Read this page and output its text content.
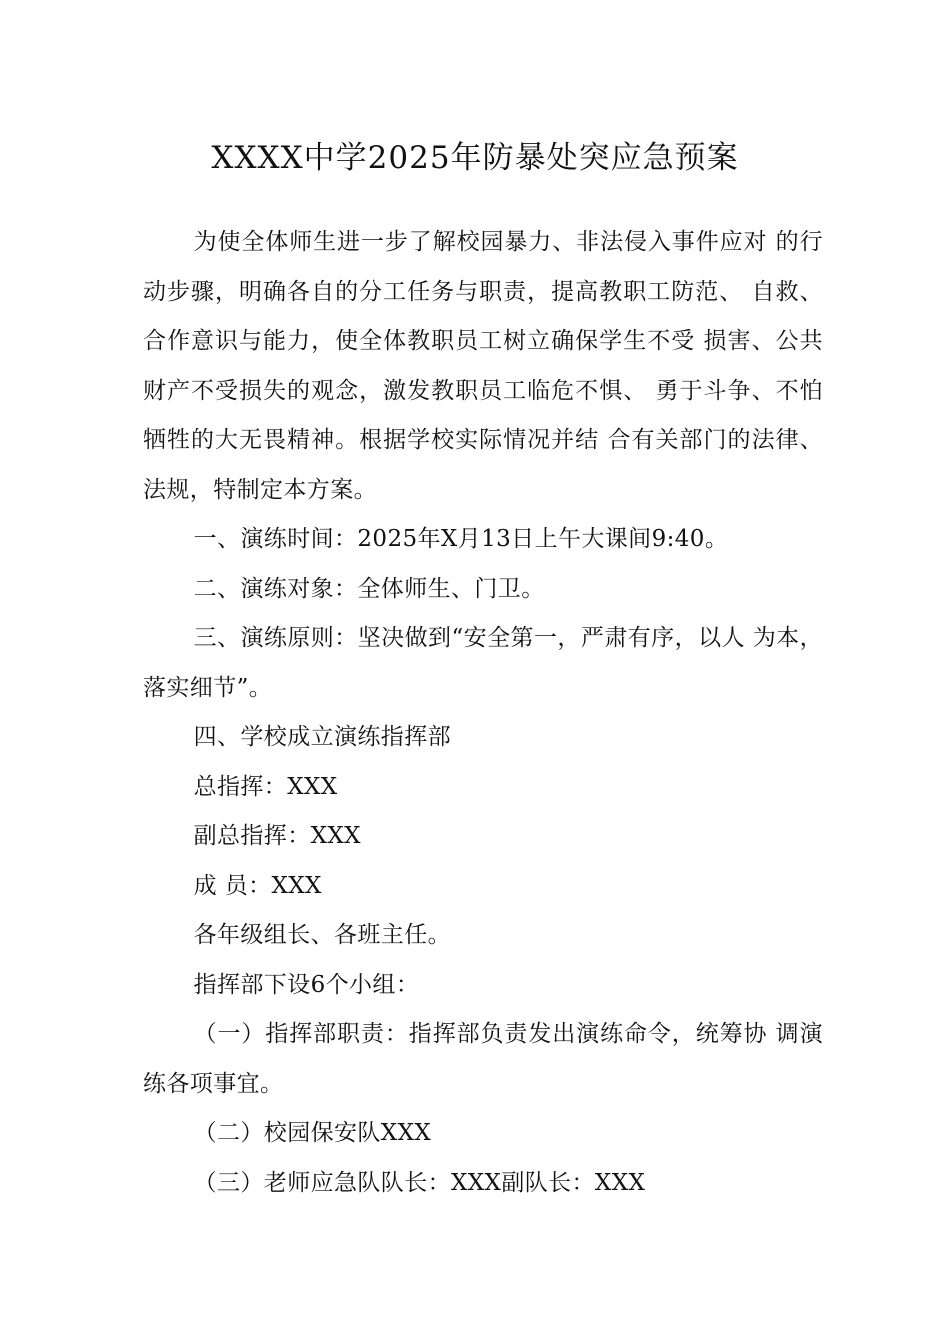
XXXX中学2025年防暴处突应急预案

为使全体师生进一步了解校园暴力、非法侵入事件应对 的行动步骤，明确各自的分工任务与职责，提高教职工防范、 自救、合作意识与能力，使全体教职员工树立确保学生不受 损害、公共财产不受损失的观念，激发教职员工临危不惧、 勇于斗争、不怕牺牲的大无畏精神。根据学校实际情况并结 合有关部门的法律、法规，特制定本方案。

一、演练时间：2025年X月13日上午大课间9:40。

二、演练对象：全体师生、门卫。

三、演练原则：坚决做到“安全第一，严肃有序，以人 为本，落实细节”。

四、学校成立演练指挥部

总指挥：XXX

副总指挥：XXX

成 员：XXX

各年级组长、各班主任。

指挥部下设6个小组：

（一）指挥部职责：指挥部负责发出演练命令，统筹协 调演练各项事宜。

（二）校园保安队XXX

（三）老师应急队队长：XXX副队长：XXX
